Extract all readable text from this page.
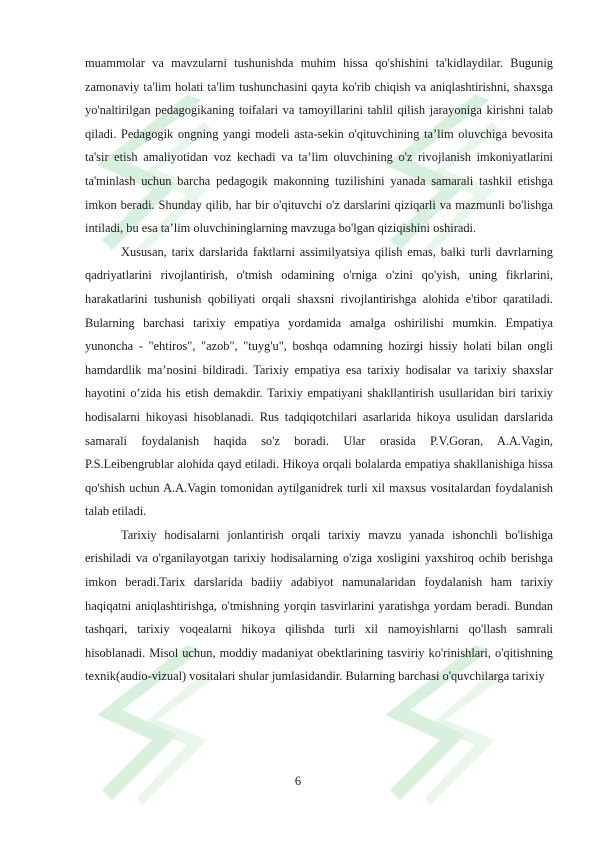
muammolar va mavzularni tushunishda muhim hissa qo'shishini ta'kidlaydilar. Bugunig zamonaviy ta'lim holati ta'lim tushunchasini qayta ko'rib chiqish va aniqlashtirishni, shaxsga yo'naltirilgan pedagogikaning toifalari va tamoyillarini tahlil qilish jarayoniga kirishni talab qiladi. Pedagogik ongning yangi modeli asta-sekin o'qituvchining ta’lim oluvchiga bevosita ta'sir etish amaliyotidan voz kechadi va ta’lim oluvchining o'z rivojlanish imkoniyatlarini ta'minlash uchun barcha pedagogik makonning tuzilishini yanada samarali tashkil etishga imkon beradi. Shunday qilib, har bir o'qituvchi o'z darslarini qiziqarli va mazmunli bo'lishga intiladi, bu esa ta’lim oluvchininglarning mavzuga bo'lgan qiziqishini oshiradi.

Xususan, tarix darslarida faktlarni assimilyatsiya qilish emas, balki turli davrlarning qadriyatlarini rivojlantirish, o'tmish odamining o'rniga o'zini qo'yish, uning fikrlarini, harakatlarini tushunish qobiliyati orqali shaxsni rivojlantirishga alohida e'tibor qaratiladi. Bularning barchasi tarixiy empatiya yordamida amalga oshirilishi mumkin. Empatiya yunoncha - "ehtiros", "azob", "tuyg'u", boshqa odamning hozirgi hissiy holati bilan ongli hamdardlik ma’nosini bildiradi. Tarixiy empatiya esa tarixiy hodisalar va tarixiy shaxslar hayotini o’zida his etish demakdir. Tarixiy empatiyani shakllantirish usullaridan biri tarixiy hodisalarni hikoyasi hisoblanadi. Rus tadqiqotchilari asarlarida hikoya usulidan darslarida samarali foydalanish haqida so'z boradi. Ular orasida P.V.Goran, A.A.Vagin, P.S.Leibengrublar alohida qayd etiladi. Hikoya orqali bolalarda empatiya shakllanishiga hissa qo'shish uchun A.A.Vagin tomonidan aytilganidrek turli xil maxsus vositalardan foydalanish talab etiladi.

Tarixiy hodisalarni jonlantirish orqali tarixiy mavzu yanada ishonchli bo'lishiga erishiladi va o'rganilayotgan tarixiy hodisalarning o'ziga xosligini yaxshiroq ochib berishga imkon beradi.Tarix darslarida badiiy adabiyot namunalaridan foydalanish ham tarixiy haqiqatni aniqlashtirishga, o'tmishning yorqin tasvirlarini yaratishga yordam beradi. Bundan tashqari, tarixiy voqealarni hikoya qilishda turli xil namoyishlarni qo'llash samrali hisoblanadi. Misol uchun, moddiy madaniyat obektlarining tasviriy ko'rinishlari, o'qitishning texnik(audio-vizual) vositalari shular jumlasidandir. Bularning barchasi o'quvchilarga tarixiy

6
